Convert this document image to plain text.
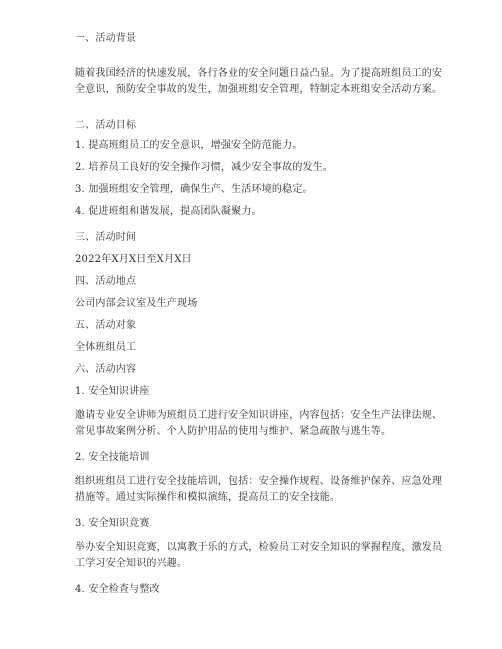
一、活动背景
随着我国经济的快速发展，各行各业的安全问题日益凸显。为了提高班组员工的安
全意识，预防安全事故的发生，加强班组安全管理，特制定本班组安全活动方案。
二、活动目标
1. 提高班组员工的安全意识，增强安全防范能力。
2. 培养员工良好的安全操作习惯，减少安全事故的发生。
3. 加强班组安全管理，确保生产、生活环境的稳定。
4. 促进班组和谐发展，提高团队凝聚力。
三、活动时间
2022年X月X日至X月X日
四、活动地点
公司内部会议室及生产现场
五、活动对象
全体班组员工
六、活动内容
1. 安全知识讲座
邀请专业安全讲师为班组员工进行安全知识讲座，内容包括：安全生产法律法规、
常见事故案例分析、个人防护用品的使用与维护、紧急疏散与逃生等。
2. 安全技能培训
组织班组员工进行安全技能培训，包括：安全操作规程、设备维护保养、应急处理
措施等。通过实际操作和模拟演练，提高员工的安全技能。
3. 安全知识竞赛
举办安全知识竞赛，以寓教于乐的方式，检验员工对安全知识的掌握程度，激发员
工学习安全知识的兴趣。
4. 安全检查与整改
